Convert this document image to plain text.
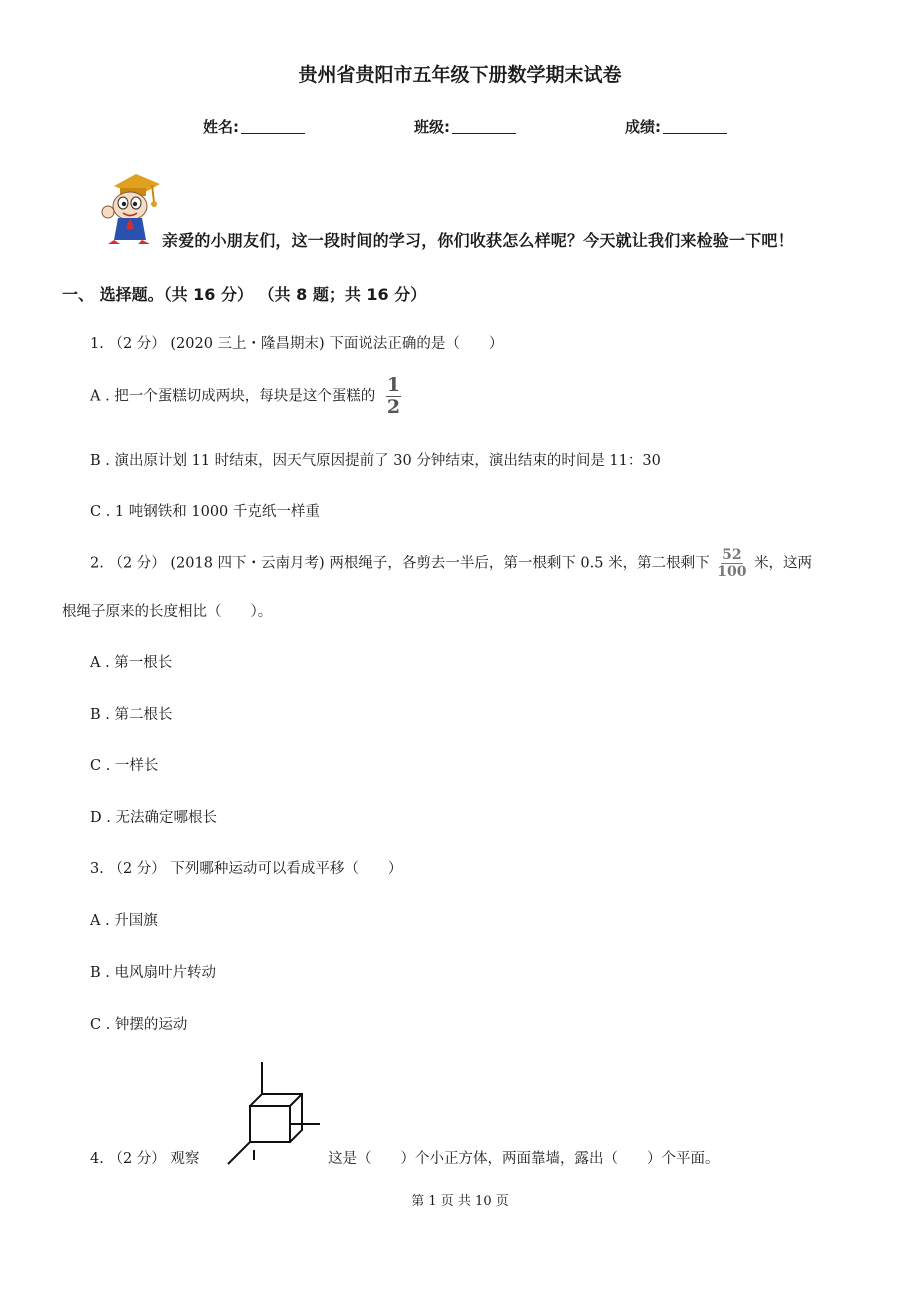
贵州省贵阳市五年级下册数学期末试卷
姓名:	班级:	成绩:
亲爱的小朋友们，这一段时间的学习，你们收获怎么样呢？今天就让我们来检验一下吧！
一、 选择题。（共 16 分） （共 8 题；共 16 分）
1. （2 分） (2020 三上・隆昌期末) 下面说法正确的是（　　）
A . 把一个蛋糕切成两块，每块是这个蛋糕的 $\frac{1}{2}$
B . 演出原计划 11 时结束，因天气原因提前了 30 分钟结束，演出结束的时间是 11：30
C . 1 吨钢铁和 1000 千克纸一样重
2. （2 分） (2018 四下・云南月考) 两根绳子，各剪去一半后，第一根剩下 0.5 米，第二根剩下 $\frac{52}{100}$ 米，这两
根绳子原来的长度相比（　　）。
A . 第一根长
B . 第二根长
C . 一样长
D . 无法确定哪根长
3. （2 分） 下列哪种运动可以看成平移（　　）
A . 升国旗
B . 电风扇叶片转动
C . 钟摆的运动
4. （2 分） 观察	这是（　　）个小正方体，两面靠墙，露出（　　）个平面。
第 1 页 共 10 页
